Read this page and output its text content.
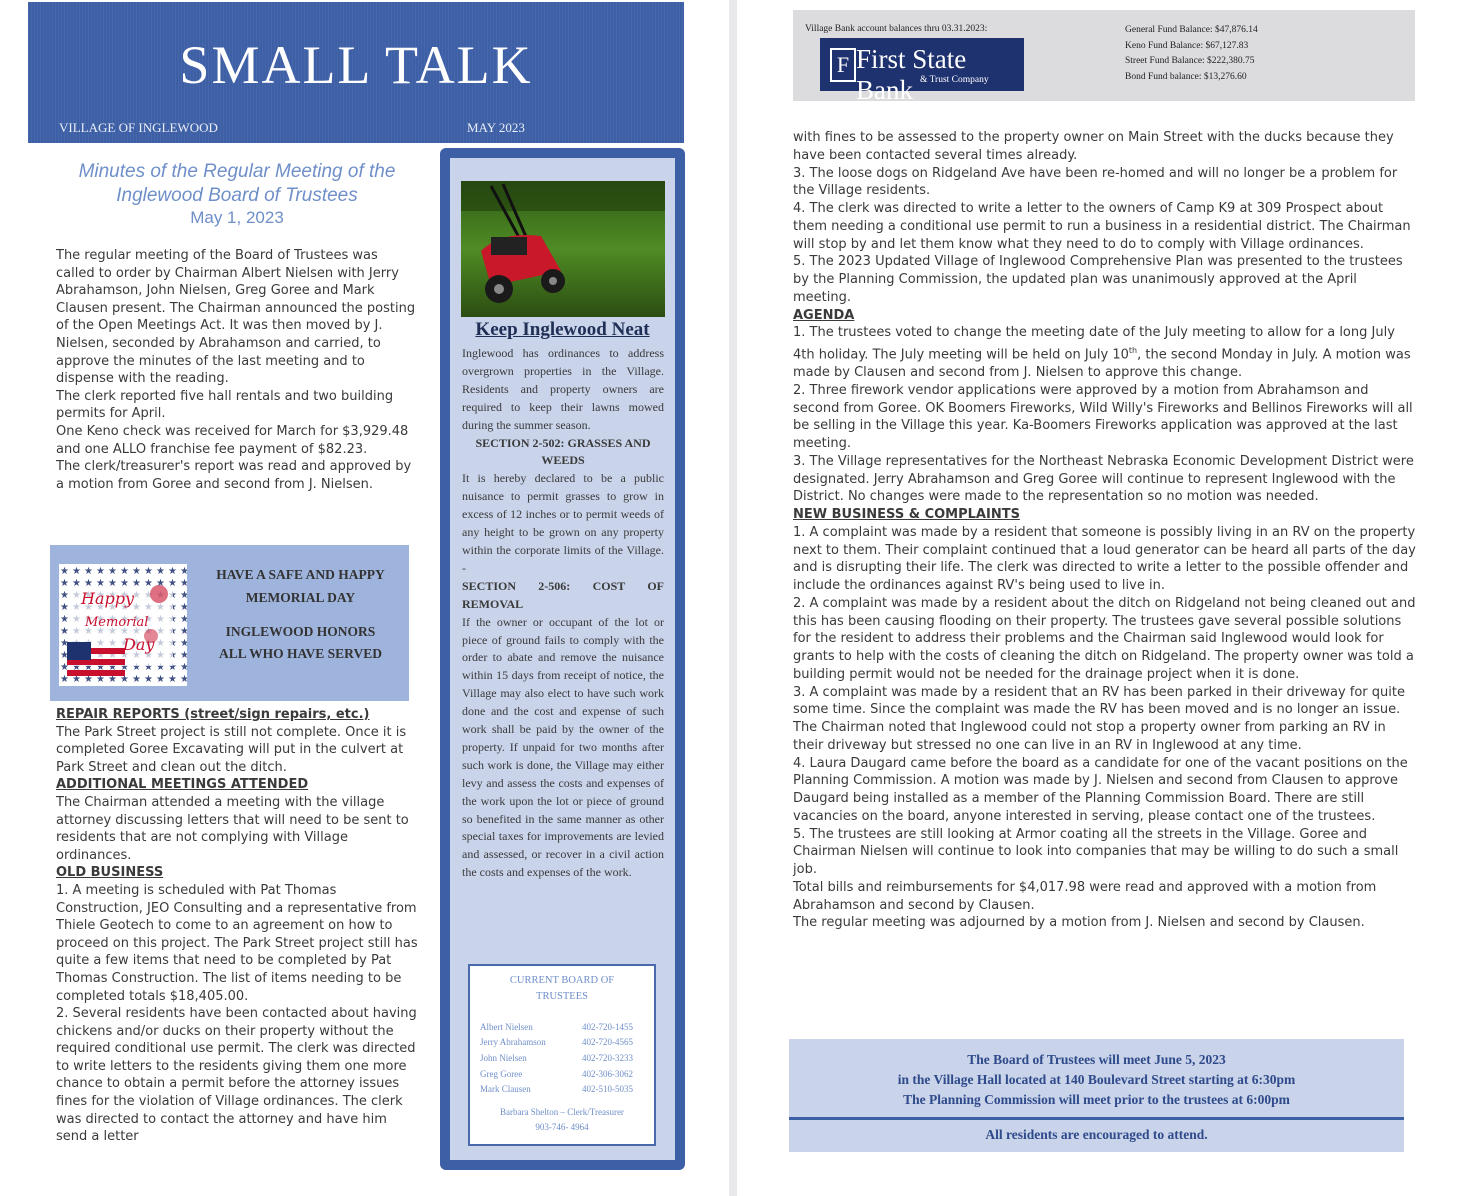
SMALL TALK
VILLAGE OF INGLEWOOD	MAY 2023
Minutes of the Regular Meeting of the
Inglewood Board of Trustees
May 1, 2023

The regular meeting of the Board of Trustees was called to order by Chairman Albert Nielsen with Jerry Abrahamson, John Nielsen, Greg Goree and Mark Clausen present. The Chairman announced the posting of the Open Meetings Act. It was then moved by J. Nielsen, seconded by Abrahamson and carried, to approve the minutes of the last meeting and to dispense with the reading.

The clerk reported five hall rentals and two building permits for April.

One Keno check was received for March for $3,929.48 and one ALLO franchise fee payment of $82.23.

The clerk/treasurer's report was read and approved by a motion from Goree and second from J. Nielsen.

Happy
Memorial
Day
HAVE A SAFE AND HAPPY
MEMORIAL DAY
INGLEWOOD HONORS
ALL WHO HAVE SERVED

REPAIR REPORTS (street/sign repairs, etc.)

The Park Street project is still not complete. Once it is completed Goree Excavating will put in the culvert at Park Street and clean out the ditch.

ADDITIONAL MEETINGS ATTENDED

The Chairman attended a meeting with the village attorney discussing letters that will need to be sent to residents that are not complying with Village ordinances.

OLD BUSINESS

1. A meeting is scheduled with Pat Thomas Construction, JEO Consulting and a representative from Thiele Geotech to come to an agreement on how to proceed on this project. The Park Street project still has quite a few items that need to be completed by Pat Thomas Construction. The list of items needing to be completed totals $18,405.00.

2. Several residents have been contacted about having chickens and/or ducks on their property without the required conditional use permit. The clerk was directed to write letters to the residents giving them one more chance to obtain a permit before the attorney issues fines for the violation of Village ordinances. The clerk was directed to contact the attorney and have him send a letter

Keep Inglewood Neat

Inglewood has ordinances to address overgrown properties in the Village. Residents and property owners are required to keep their lawns mowed during the summer season.

SECTION 2-502: GRASSES AND WEEDS

It is hereby declared to be a public nuisance to permit grasses to grow in excess of 12 inches or to permit weeds of any height to be grown on any property within the corporate limits of the Village. -

SECTION 2-506: COST OF REMOVAL

If the owner or occupant of the lot or piece of ground fails to comply with the order to abate and remove the nuisance within 15 days from receipt of notice, the Village may also elect to have such work done and the cost and expense of such work shall be paid by the owner of the property. If unpaid for two months after such work is done, the Village may either levy and assess the costs and expenses of the work upon the lot or piece of ground so benefited in the same manner as other special taxes for improvements are levied and assessed, or recover in a civil action the costs and expenses of the work.

CURRENT BOARD OF
TRUSTEES
Albert Nielsen	402-720-1455
Jerry Abrahamson	402-720-4565
John Nielsen	402-720-3233
Greg Goree	402-306-3062
Mark Clausen	402-510-5035
Barbara Shelton – Clerk/Treasurer
903-746- 4964
Village Bank account balances thru 03.31.2023:
F First State Bank & Trust Company
General Fund Balance: $47,876.14
Keno Fund Balance: $67,127.83
Street Fund Balance: $222,380.75
Bond Fund balance: $13,276.60

with fines to be assessed to the property owner on Main Street with the ducks because they have been contacted several times already.

3. The loose dogs on Ridgeland Ave have been re-homed and will no longer be a problem for the Village residents.

4. The clerk was directed to write a letter to the owners of Camp K9 at 309 Prospect about them needing a conditional use permit to run a business in a residential district. The Chairman will stop by and let them know what they need to do to comply with Village ordinances.

5. The 2023 Updated Village of Inglewood Comprehensive Plan was presented to the trustees by the Planning Commission, the updated plan was unanimously approved at the April meeting.

AGENDA

1. The trustees voted to change the meeting date of the July meeting to allow for a long July 4th holiday. The July meeting will be held on July 10th, the second Monday in July. A motion was made by Clausen and second from J. Nielsen to approve this change.

2. Three firework vendor applications were approved by a motion from Abrahamson and second from Goree. OK Boomers Fireworks, Wild Willy's Fireworks and Bellinos Fireworks will all be selling in the Village this year. Ka-Boomers Fireworks application was approved at the last meeting.

3. The Village representatives for the Northeast Nebraska Economic Development District were designated. Jerry Abrahamson and Greg Goree will continue to represent Inglewood with the District. No changes were made to the representation so no motion was needed.

NEW BUSINESS & COMPLAINTS

1. A complaint was made by a resident that someone is possibly living in an RV on the property next to them. Their complaint continued that a loud generator can be heard all parts of the day and is disrupting their life. The clerk was directed to write a letter to the possible offender and include the ordinances against RV's being used to live in.

2. A complaint was made by a resident about the ditch on Ridgeland not being cleaned out and this has been causing flooding on their property. The trustees gave several possible solutions for the resident to address their problems and the Chairman said Inglewood would look for grants to help with the costs of cleaning the ditch on Ridgeland. The property owner was told a building permit would not be needed for the drainage project when it is done.

3. A complaint was made by a resident that an RV has been parked in their driveway for quite some time. Since the complaint was made the RV has been moved and is no longer an issue. The Chairman noted that Inglewood could not stop a property owner from parking an RV in their driveway but stressed no one can live in an RV in Inglewood at any time.

4. Laura Daugard came before the board as a candidate for one of the vacant positions on the Planning Commission. A motion was made by J. Nielsen and second from Clausen to approve Daugard being installed as a member of the Planning Commission Board. There are still vacancies on the board, anyone interested in serving, please contact one of the trustees.

5. The trustees are still looking at Armor coating all the streets in the Village. Goree and Chairman Nielsen will continue to look into companies that may be willing to do such a small job.

Total bills and reimbursements for $4,017.98 were read and approved with a motion from Abrahamson and second by Clausen.

The regular meeting was adjourned by a motion from J. Nielsen and second by Clausen.

The Board of Trustees will meet June 5, 2023
in the Village Hall located at 140 Boulevard Street starting at 6:30pm
The Planning Commission will meet prior to the trustees at 6:00pm
All residents are encouraged to attend.
